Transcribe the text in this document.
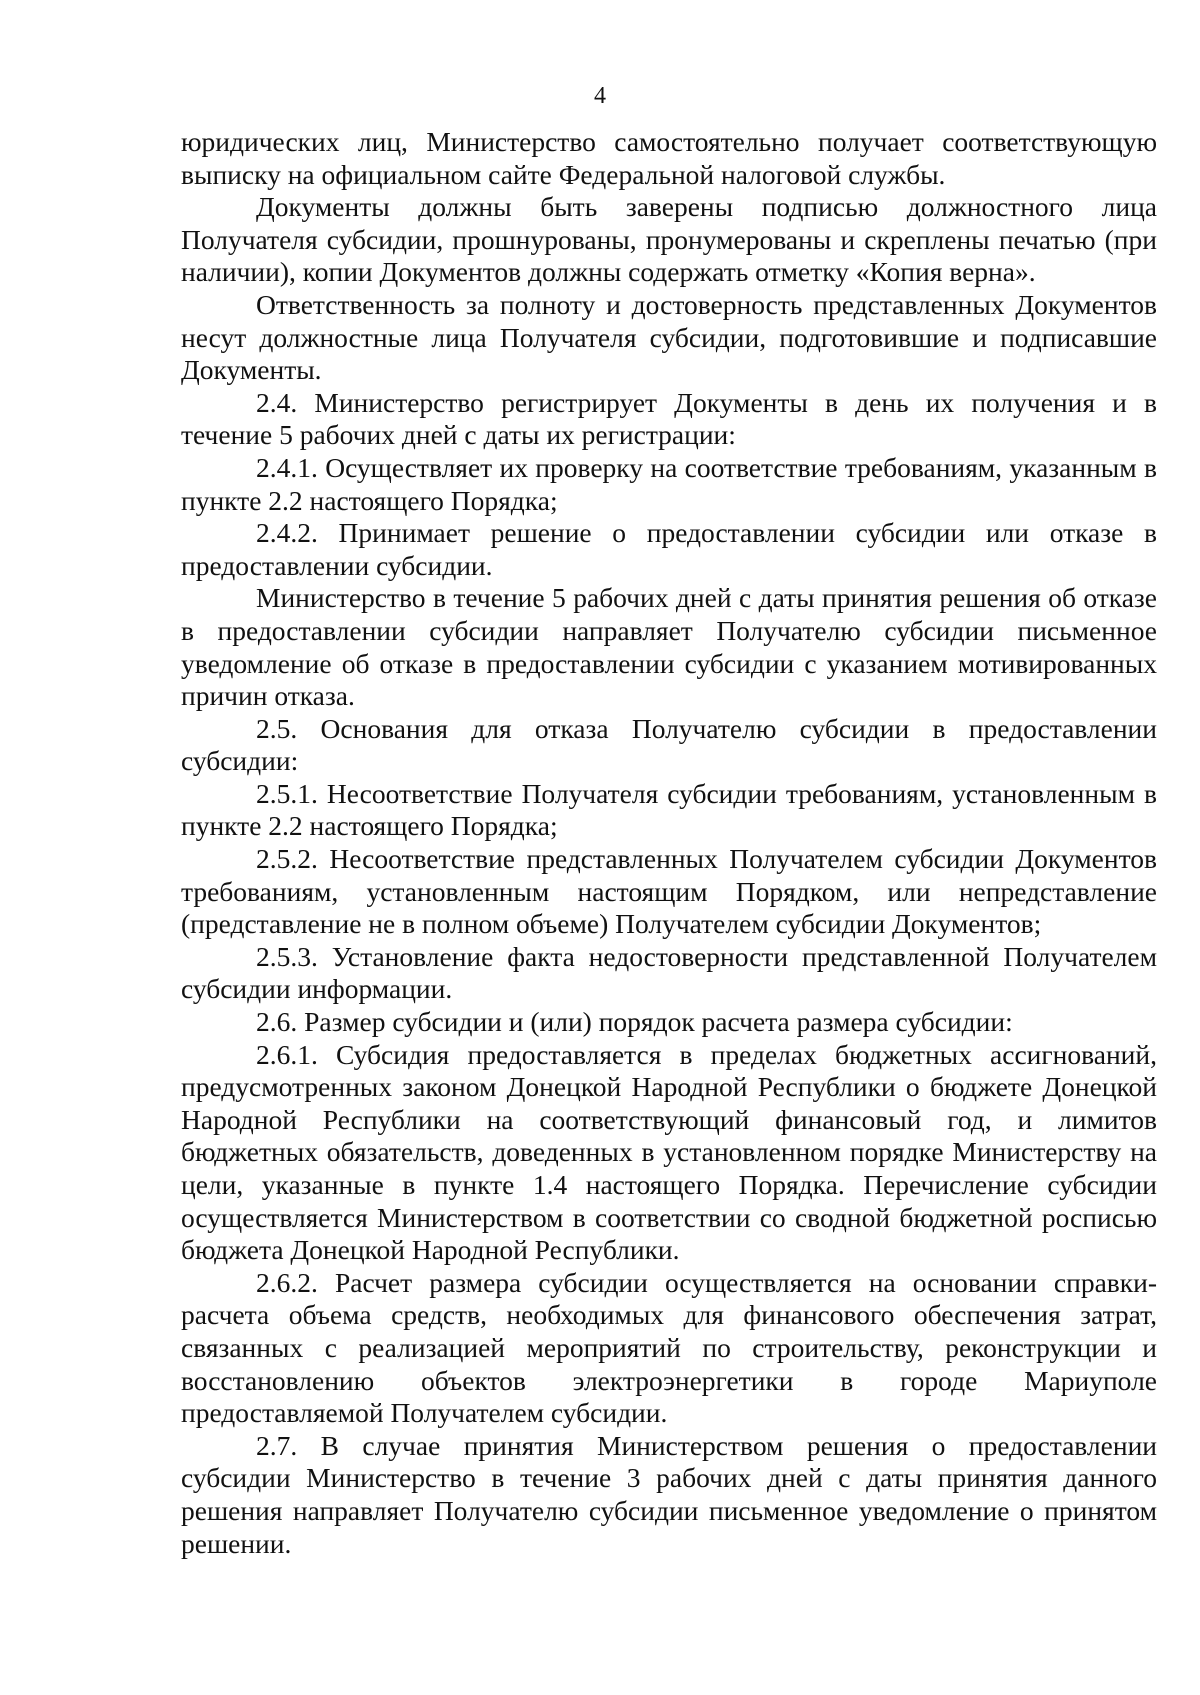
4

юридических лиц, Министерство самостоятельно получает соответствующую выписку на официальном сайте Федеральной налоговой службы.

Документы должны быть заверены подписью должностного лица Получателя субсидии, прошнурованы, пронумерованы и скреплены печатью (при наличии), копии Документов должны содержать отметку «Копия верна».

Ответственность за полноту и достоверность представленных Документов несут должностные лица Получателя субсидии, подготовившие и подписавшие Документы.

2.4. Министерство регистрирует Документы в день их получения и в течение 5 рабочих дней с даты их регистрации:

2.4.1. Осуществляет их проверку на соответствие требованиям, указанным в пункте 2.2 настоящего Порядка;

2.4.2. Принимает решение о предоставлении субсидии или отказе в предоставлении субсидии.

Министерство в течение 5 рабочих дней с даты принятия решения об отказе в предоставлении субсидии направляет Получателю субсидии письменное уведомление об отказе в предоставлении субсидии с указанием мотивированных причин отказа.

2.5. Основания для отказа Получателю субсидии в предоставлении субсидии:

2.5.1. Несоответствие Получателя субсидии требованиям, установленным в пункте 2.2 настоящего Порядка;

2.5.2. Несоответствие представленных Получателем субсидии Документов требованиям, установленным настоящим Порядком, или непредставление (представление не в полном объеме) Получателем субсидии Документов;

2.5.3. Установление факта недостоверности представленной Получателем субсидии информации.

2.6. Размер субсидии и (или) порядок расчета размера субсидии:

2.6.1. Субсидия предоставляется в пределах бюджетных ассигнований, предусмотренных законом Донецкой Народной Республики о бюджете Донецкой Народной Республики на соответствующий финансовый год, и лимитов бюджетных обязательств, доведенных в установленном порядке Министерству на цели, указанные в пункте 1.4 настоящего Порядка. Перечисление субсидии осуществляется Министерством в соответствии со сводной бюджетной росписью бюджета Донецкой Народной Республики.

2.6.2. Расчет размера субсидии осуществляется на основании справки-расчета объема средств, необходимых для финансового обеспечения затрат, связанных с реализацией мероприятий по строительству, реконструкции и восстановлению объектов электроэнергетики в городе Мариуполе предоставляемой Получателем субсидии.

2.7. В случае принятия Министерством решения о предоставлении субсидии Министерство в течение 3 рабочих дней с даты принятия данного решения направляет Получателю субсидии письменное уведомление о принятом решении.
